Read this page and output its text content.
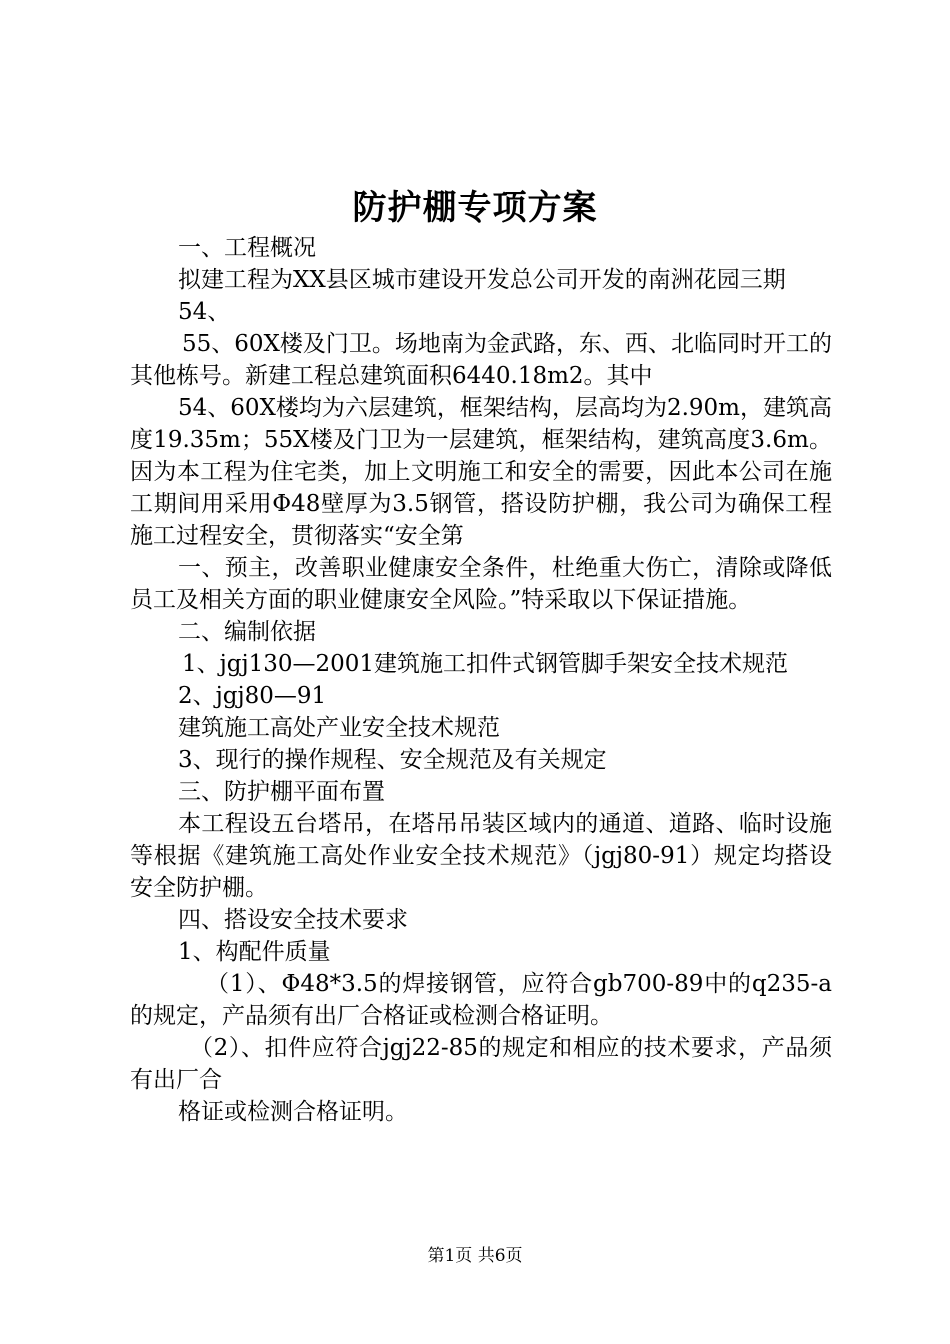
防护棚专项方案

一、工程概况

拟建工程为XX县区城市建设开发总公司开发的南洲花园三期

54、

55、60X楼及门卫。场地南为金武路，东、西、北临同时开工的其他栋号。新建工程总建筑面积6440.18m2。其中

54、60X楼均为六层建筑，框架结构，层高均为2.90m，建筑高度19.35m；55X楼及门卫为一层建筑，框架结构，建筑高度3.6m。因为本工程为住宅类，加上文明施工和安全的需要，因此本公司在施工期间用采用Φ48壁厚为3.5钢管，搭设防护棚，我公司为确保工程施工过程安全，贯彻落实“安全第

一、预主，改善职业健康安全条件，杜绝重大伤亡，清除或降低员工及相关方面的职业健康安全风险。”特采取以下保证措施。

二、编制依据

1、jgj130—2001建筑施工扣件式钢管脚手架安全技术规范

2、jgj80—91

建筑施工高处产业安全技术规范

3、现行的操作规程、安全规范及有关规定

三、防护棚平面布置

本工程设五台塔吊，在塔吊吊装区域内的通道、道路、临时设施等根据《建筑施工高处作业安全技术规范》（jgj80-91）规定均搭设安全防护棚。

四、搭设安全技术要求

1、构配件质量

（1）、Φ48*3.5的焊接钢管，应符合gb700-89中的q235-a的规定，产品须有出厂合格证或检测合格证明。

（2）、扣件应符合jgj22-85的规定和相应的技术要求，产品须有出厂合

格证或检测合格证明。

第1页 共6页
